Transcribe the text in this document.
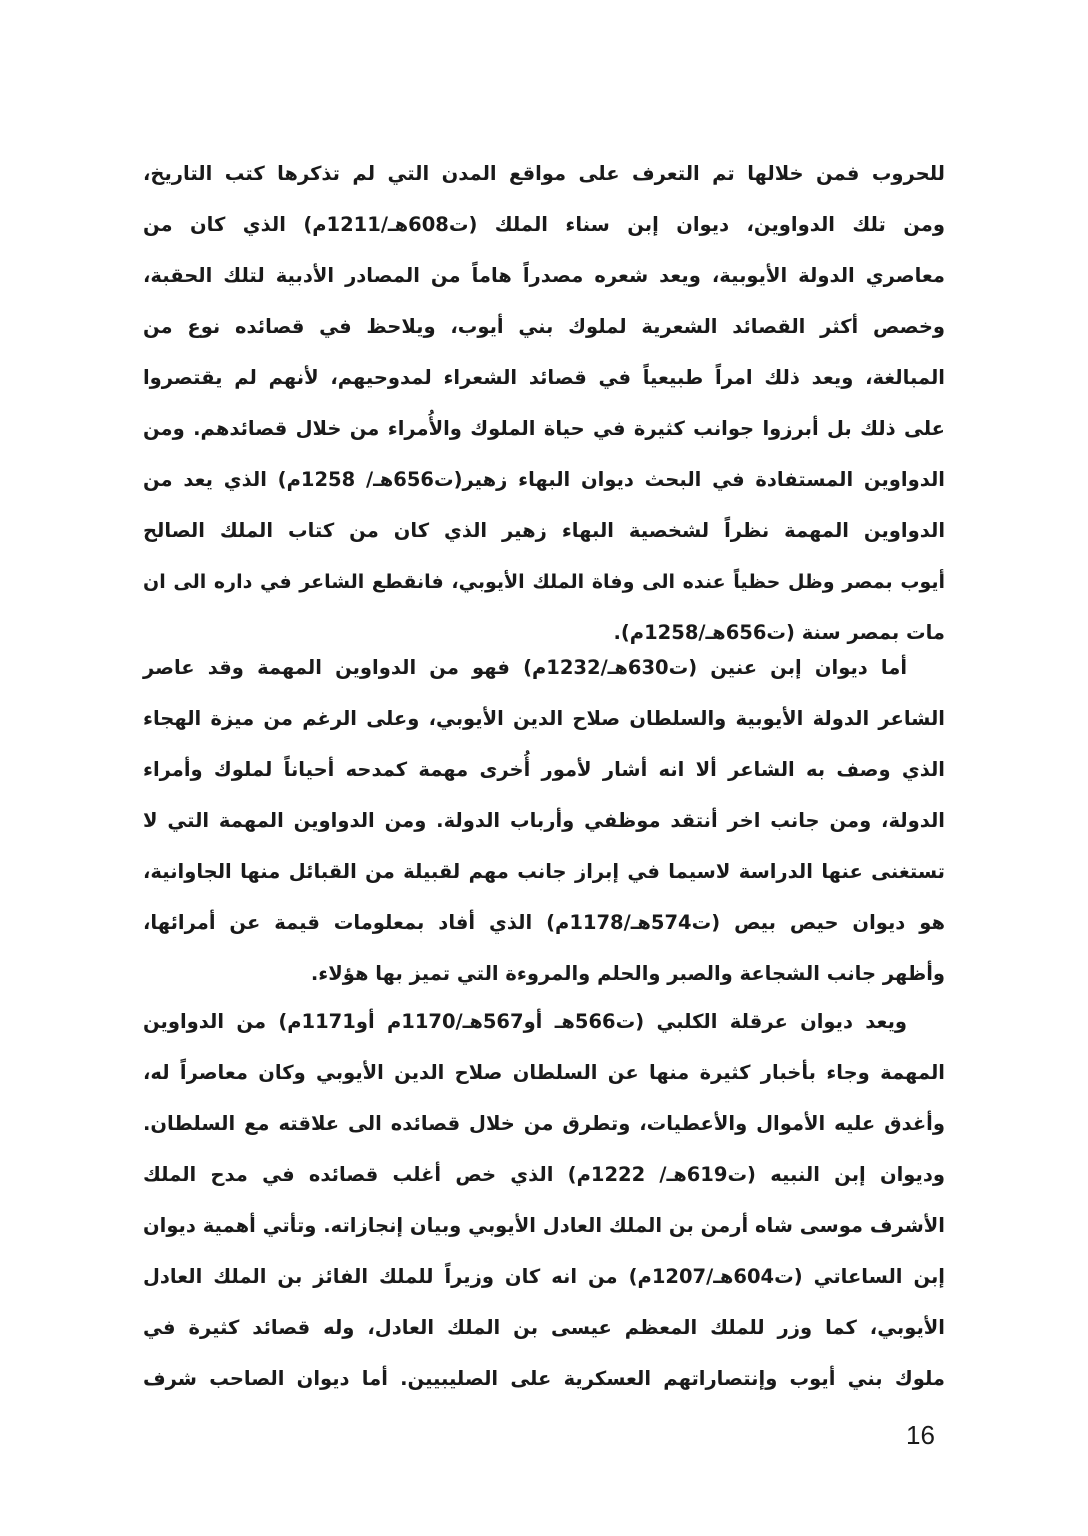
للحروب فمن خلالها تم التعرف على مواقع المدن التي لم تذكرها كتب التاريخ،
ومن تلك الدواوين، ديوان إبن سناء الملك (ت608هـ/1211م) الذي كان من
معاصري الدولة الأيوبية، ويعد شعره مصدراً هاماً من المصادر الأدبية لتلك الحقبة،
وخصص أكثر القصائد الشعرية لملوك بني أيوب، ويلاحظ في قصائده نوع من
المبالغة، ويعد ذلك امراً طبيعياً في قصائد الشعراء لمدوحيهم، لأنهم لم يقتصروا
على ذلك بل أبرزوا جوانب كثيرة في حياة الملوك والأُمراء من خلال قصائدهم. ومن
الدواوين المستفادة في البحث ديوان البهاء زهير(ت656هـ/ 1258م) الذي يعد من
الدواوين المهمة نظراً لشخصية البهاء زهير الذي كان من كتاب الملك الصالح
أيوب بمصر وظل حظياً عنده الى وفاة الملك الأيوبي، فانقطع الشاعر في داره الى ان
مات بمصر سنة (ت656هـ/1258م).
أما ديوان إبن عنين (ت630هـ/1232م) فهو من الدواوين المهمة وقد عاصر
الشاعر الدولة الأيوبية والسلطان صلاح الدين الأيوبي، وعلى الرغم من ميزة الهجاء
الذي وصف به الشاعر ألا انه أشار لأمور أُخرى مهمة كمدحه أحياناً لملوك وأمراء
الدولة، ومن جانب اخر أنتقد موظفي وأرباب الدولة. ومن الدواوين المهمة التي لا
تستغنى عنها الدراسة لاسيما في إبراز جانب مهم لقبيلة من القبائل منها الجاوانية،
هو ديوان حيص بيص (ت574هـ/1178م) الذي أفاد بمعلومات قيمة عن أمرائها،
وأظهر جانب الشجاعة والصبر والحلم والمروءة التي تميز بها هؤلاء.
ويعد ديوان عرقلة الكلبي (ت566هـ أو567هـ/1170م أو1171م) من الدواوين
المهمة وجاء بأخبار كثيرة منها عن السلطان صلاح الدين الأيوبي وكان معاصراً له،
وأغدق عليه الأموال والأعطيات، وتطرق من خلال قصائده الى علاقته مع السلطان.
وديوان إبن النبيه (ت619هـ/ 1222م) الذي خص أغلب قصائده في مدح الملك
الأشرف موسى شاه أرمن بن الملك العادل الأيوبي وبيان إنجازاته. وتأتي أهمية ديوان
إبن الساعاتي (ت604هـ/1207م) من انه كان وزيراً للملك الفائز بن الملك العادل
الأيوبي، كما وزر للملك المعظم عيسى بن الملك العادل، وله قصائد كثيرة في
ملوك بني أيوب وإنتصاراتهم العسكرية على الصليبيين. أما ديوان الصاحب شرف
16
